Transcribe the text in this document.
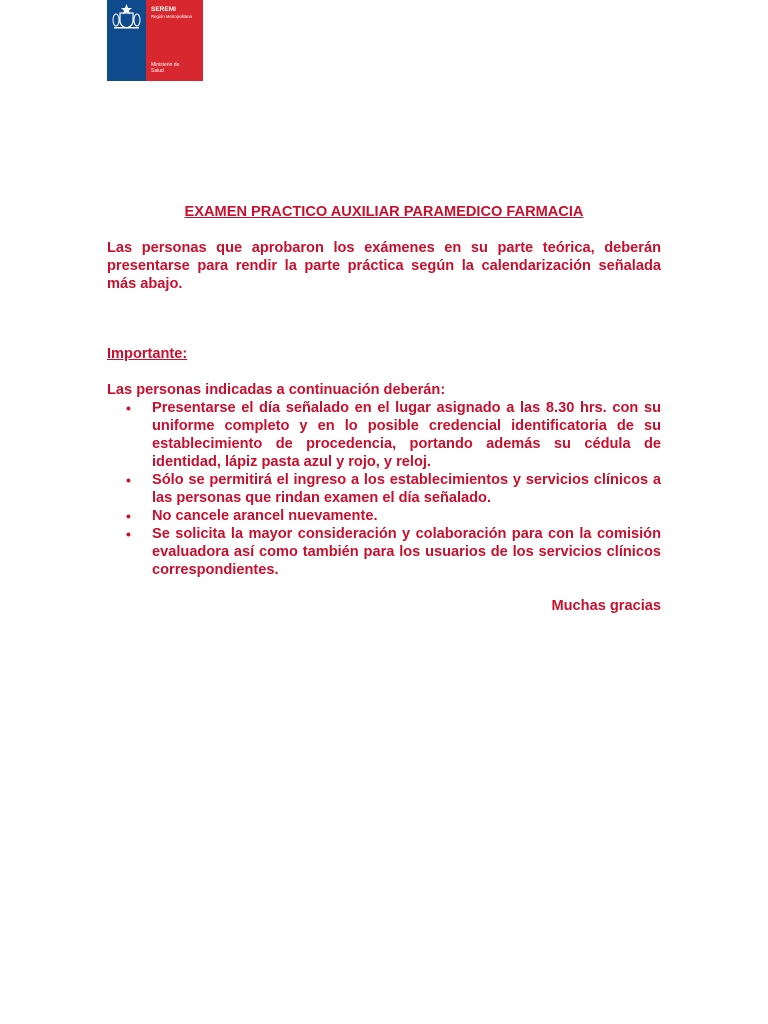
SEREMI
Región Metropolitana
Ministerio de
Salud
EXAMEN PRACTICO AUXILIAR PARAMEDICO FARMACIA

Las personas que aprobaron los exámenes en su parte teórica, deberán presentarse para rendir la parte práctica según la calendarización señalada más abajo.

Importante:
Las personas indicadas a continuación deberán:
• Presentarse el día señalado en el lugar asignado a las 8.30 hrs. con su uniforme completo y en lo posible credencial identificatoria de su establecimiento de procedencia, portando además su cédula de identidad, lápiz pasta azul y rojo, y reloj.
• Sólo se permitirá el ingreso a los establecimientos y servicios clínicos a las personas que rindan examen el día señalado.
• No cancele arancel nuevamente.
• Se solicita la mayor consideración y colaboración para con la comisión evaluadora así como también para los usuarios de los servicios clínicos correspondientes.
Muchas gracias
